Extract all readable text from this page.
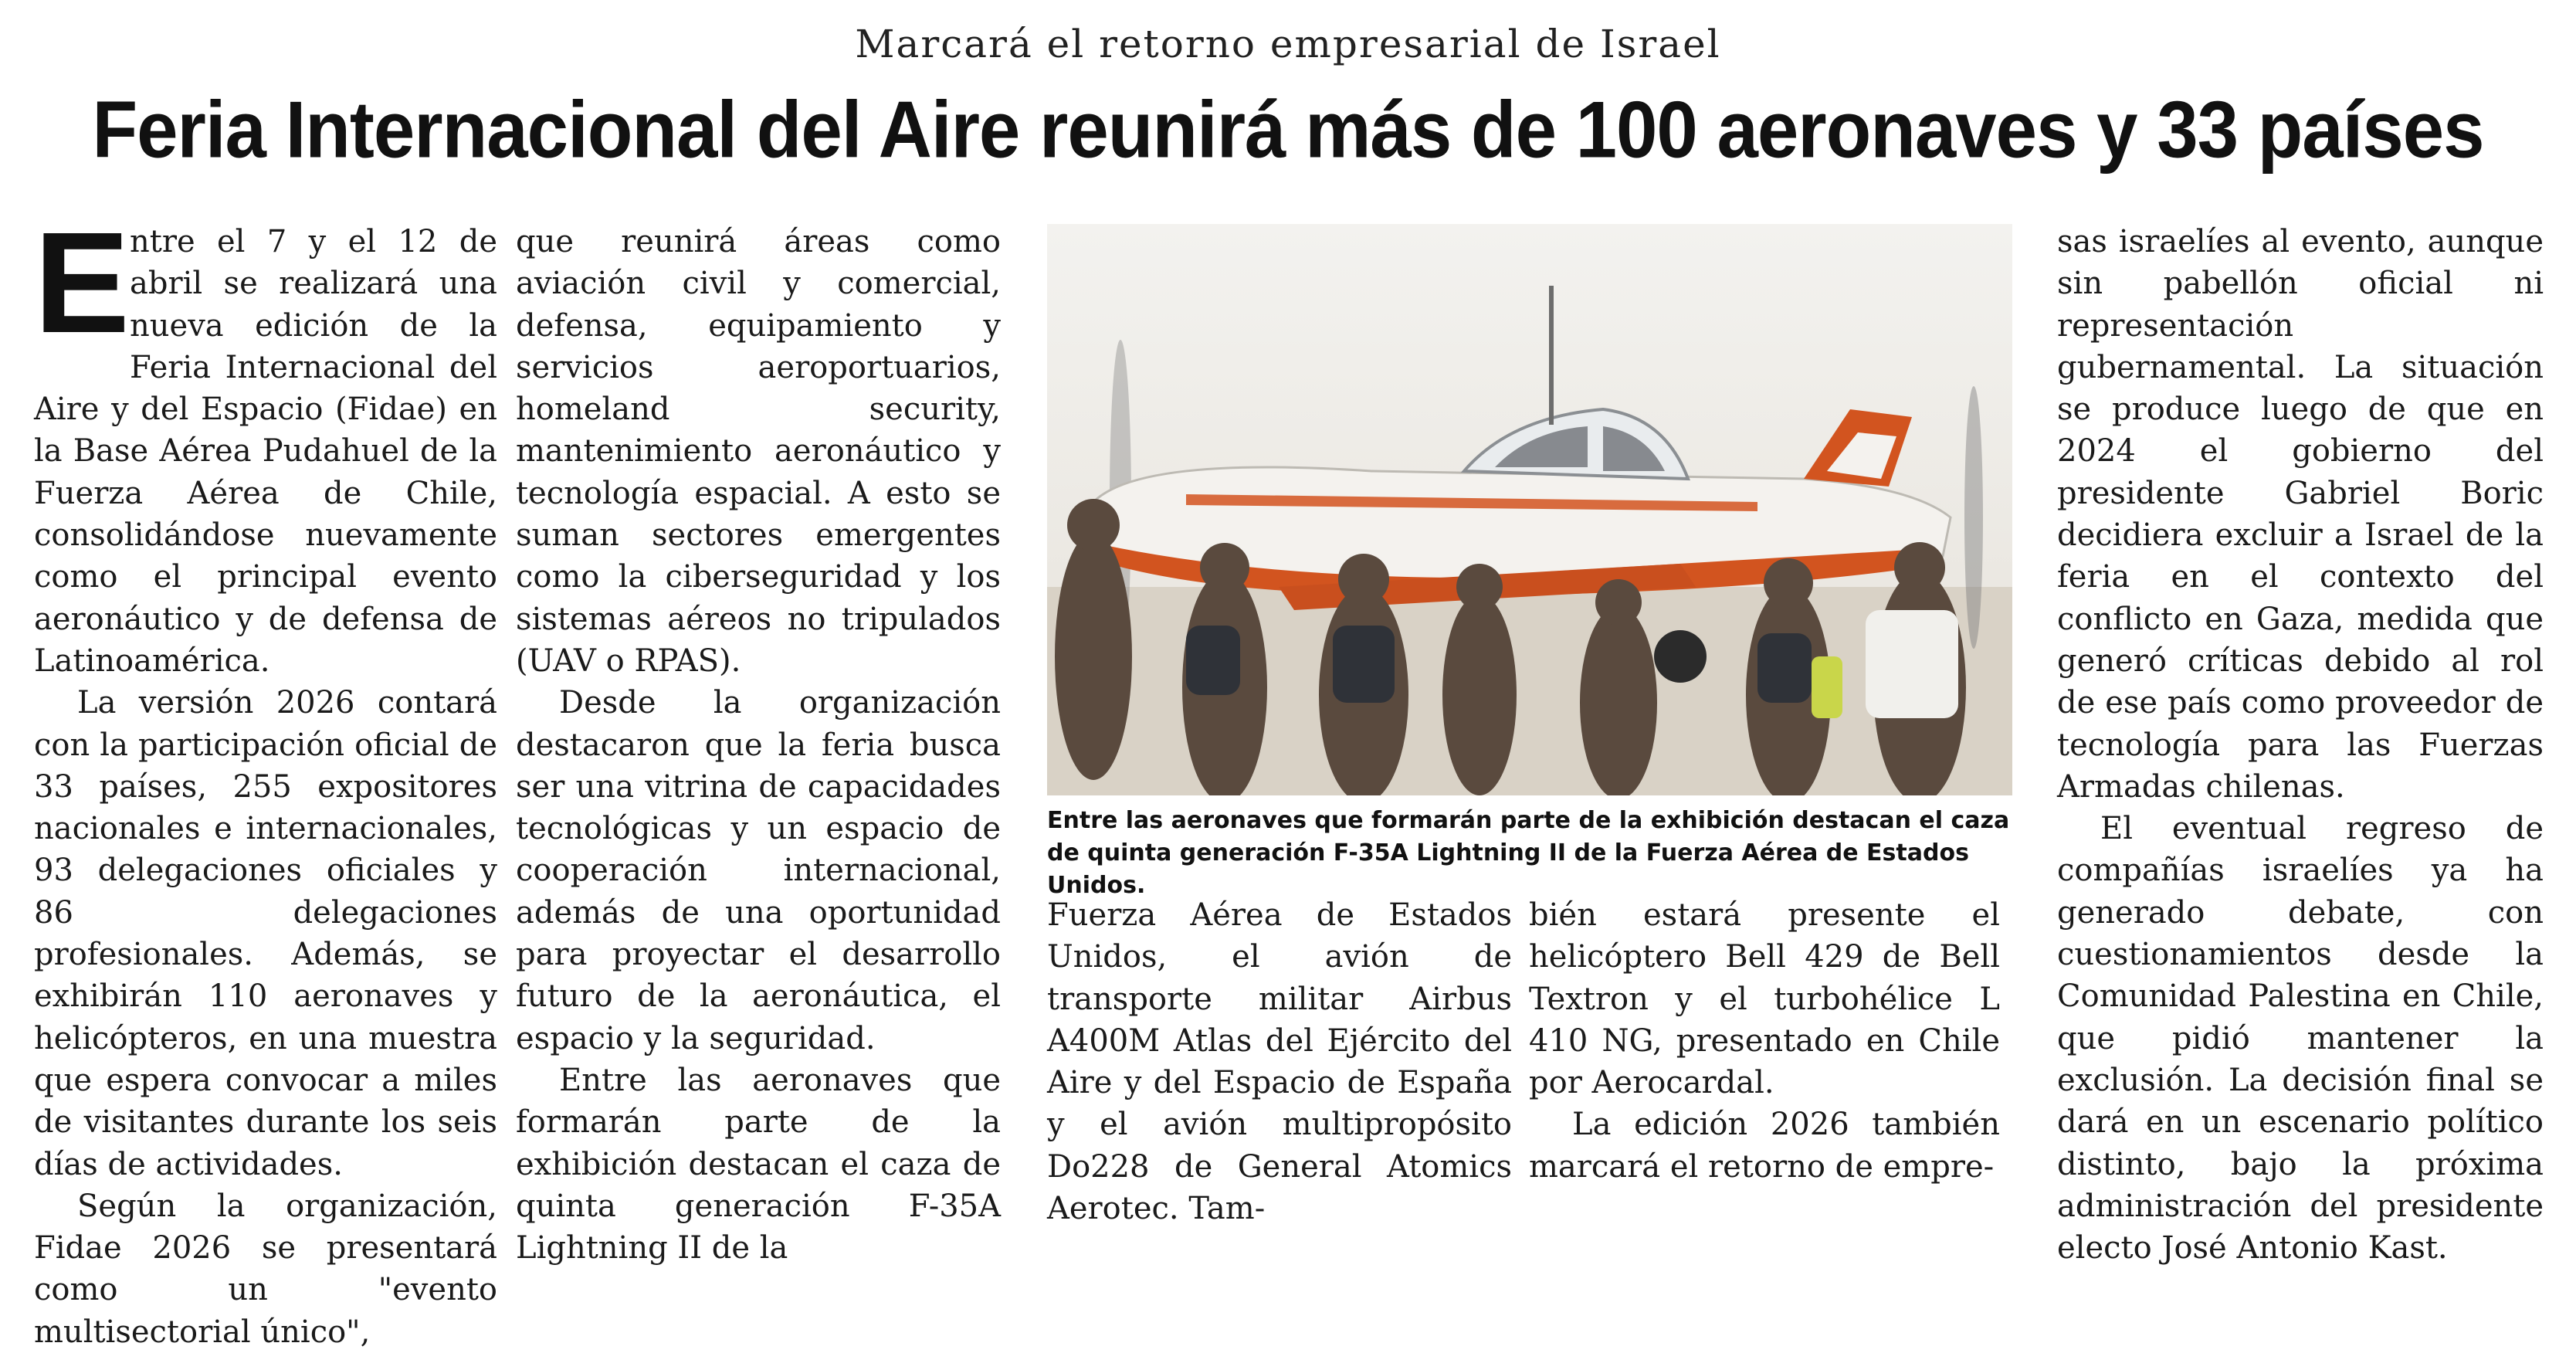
Marcará el retorno empresarial de Israel
Feria Internacional del Aire reunirá más de 100 aeronaves y 33 países

Entre el 7 y el 12 de abril se realizará una nueva edición de la Feria Internacional del Aire y del Espacio (Fidae) en la Base Aérea Pudahuel de la Fuerza Aérea de Chile, consolidándose nuevamente como el principal evento aeronáutico y de defensa de Latinoamérica.

La versión 2026 contará con la participación oficial de 33 países, 255 expositores nacionales e internacionales, 93 delegaciones oficiales y 86 delegaciones profesionales. Además, se exhibirán 110 aeronaves y helicópteros, en una muestra que espera convocar a miles de visitantes durante los seis días de actividades.

Según la organización, Fidae 2026 se presentará como un "evento multisectorial único",

que reunirá áreas como aviación civil y comercial, defensa, equipamiento y servicios aeroportuarios, homeland security, mantenimiento aeronáutico y tecnología espacial. A esto se suman sectores emergentes como la ciberseguridad y los sistemas aéreos no tripulados (UAV o RPAS).

Desde la organización destacaron que la feria busca ser una vitrina de capacidades tecnológicas y un espacio de cooperación internacional, además de una oportunidad para proyectar el desarrollo futuro de la aeronáutica, el espacio y la seguridad.

Entre las aeronaves que formarán parte de la exhibición destacan el caza de quinta generación F-35A Lightning II de la

Entre las aeronaves que formarán parte de la exhibición destacan el caza de quinta generación F-35A Lightning II de la Fuerza Aérea de Estados Unidos.

Fuerza Aérea de Estados Unidos, el avión de transporte militar Airbus A400M Atlas del Ejército del Aire y del Espacio de España y el avión multipropósito Do228 de General Atomics Aerotec. Tam-

bién estará presente el helicóptero Bell 429 de Bell Textron y el turbohélice L 410 NG, presentado en Chile por Aerocardal.

La edición 2026 también marcará el retorno de empre-

sas israelíes al evento, aunque sin pabellón oficial ni representación gubernamental. La situación se produce luego de que en 2024 el gobierno del presidente Gabriel Boric decidiera excluir a Israel de la feria en el contexto del conflicto en Gaza, medida que generó críticas debido al rol de ese país como proveedor de tecnología para las Fuerzas Armadas chilenas.

El eventual regreso de compañías israelíes ya ha generado debate, con cuestionamientos desde la Comunidad Palestina en Chile, que pidió mantener la exclusión. La decisión final se dará en un escenario político distinto, bajo la próxima administración del presidente electo José Antonio Kast.
